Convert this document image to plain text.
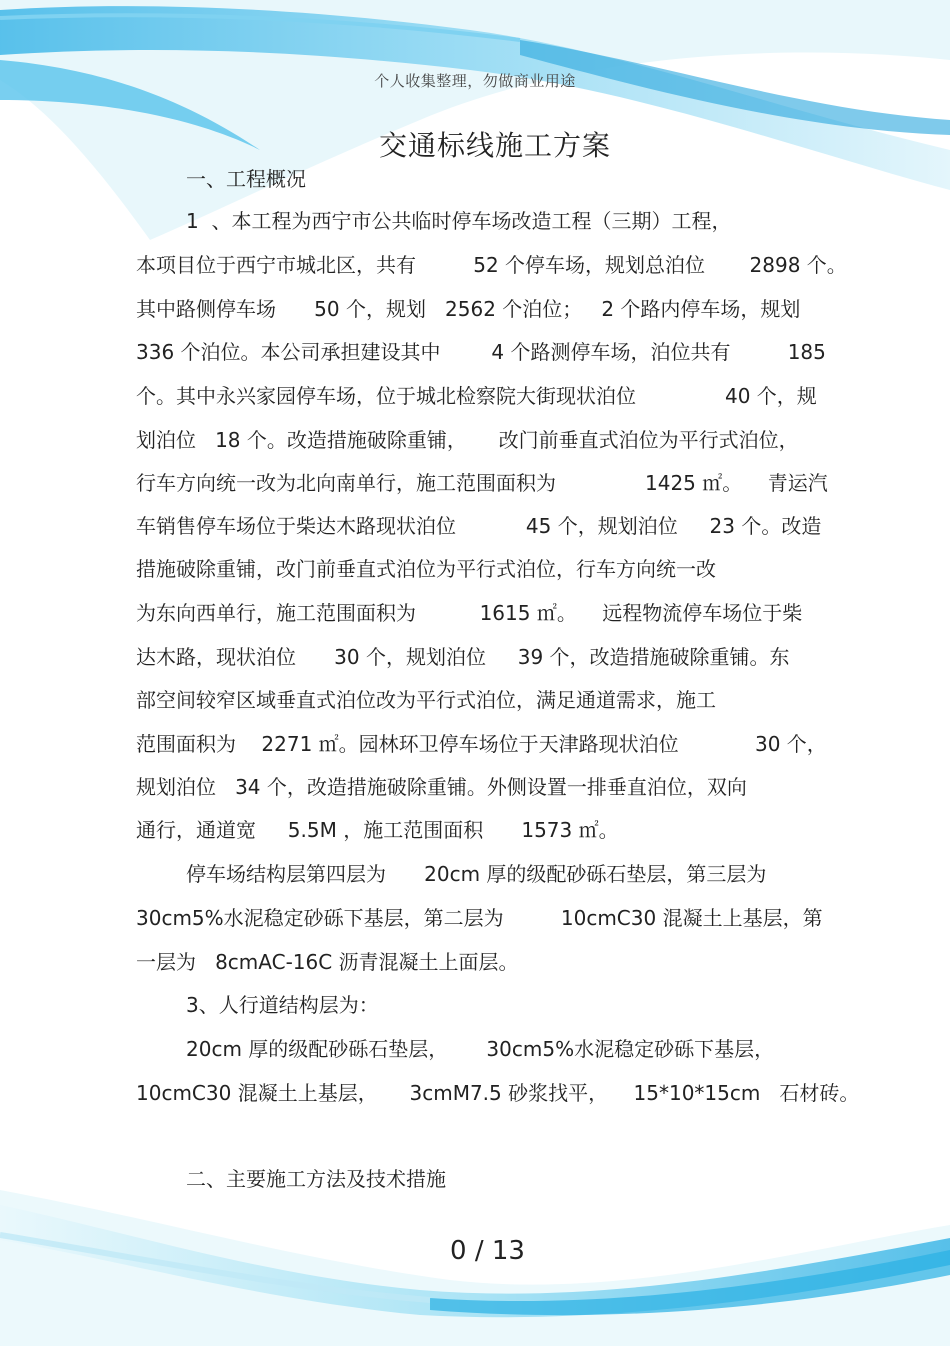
个人收集整理，勿做商业用途
交通标线施工方案
一、工程概况
1  、本工程为西宁市公共临时停车场改造工程（三期）工程，
本项目位于西宁市城北区，共有         52 个停车场，规划总泊位       2898 个。
其中路侧停车场      50 个，规划   2562 个泊位；   2 个路内停车场，规划
336 个泊位。本公司承担建设其中        4 个路测停车场，泊位共有         185
个。其中永兴家园停车场，位于城北检察院大街现状泊位              40 个，规
划泊位   18 个。改造措施破除重铺，     改门前垂直式泊位为平行式泊位，
行车方向统一改为北向南单行，施工范围面积为              1425 ㎡。    青运汽
车销售停车场位于柴达木路现状泊位           45 个，规划泊位     23 个。改造
措施破除重铺，改门前垂直式泊位为平行式泊位，行车方向统一改
为东向西单行，施工范围面积为          1615 ㎡。    远程物流停车场位于柴
达木路，现状泊位      30 个，规划泊位     39 个，改造措施破除重铺。东
部空间较窄区域垂直式泊位改为平行式泊位，满足通道需求，施工
范围面积为    2271 ㎡。园林环卫停车场位于天津路现状泊位            30 个，
规划泊位   34 个，改造措施破除重铺。外侧设置一排垂直泊位，双向
通行，通道宽     5.5M ，施工范围面积      1573 ㎡。
停车场结构层第四层为      20cm 厚的级配砂砾石垫层，第三层为
30cm5%水泥稳定砂砾下基层，第二层为         10cmC30 混凝土上基层，第
一层为   8cmAC-16C 沥青混凝土上面层。
3、人行道结构层为：
20cm 厚的级配砂砾石垫层，      30cm5%水泥稳定砂砾下基层，
10cmC30 混凝土上基层，     3cmM7.5 砂浆找平，    15*10*15cm   石材砖。
二、主要施工方法及技术措施
0 / 13
